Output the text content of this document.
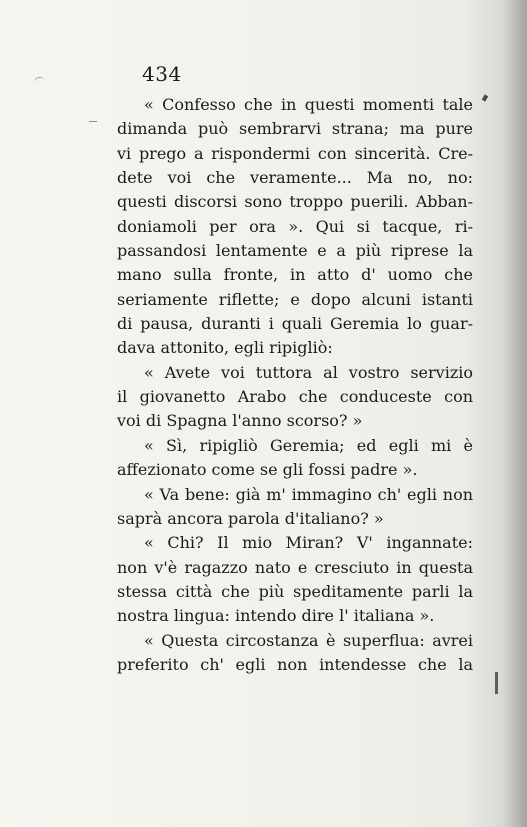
434
« Confesso che in questi momenti tale
dimanda può sembrarvi strana; ma pure
vi prego a rispondermi con sincerità. Cre-
dete voi che veramente... Ma no, no:
questi discorsi sono troppo puerili. Abban-
doniamoli per ora ». Qui si tacque, ri-
passandosi lentamente e a più riprese la
mano sulla fronte, in atto d' uomo che
seriamente riflette; e dopo alcuni istanti
di pausa, duranti i quali Geremia lo guar-
dava attonito, egli ripigliò:
« Avete voi tuttora al vostro servizio
il giovanetto Arabo che conduceste con
voi di Spagna l'anno scorso? »
« Sì, ripigliò Geremia; ed egli mi è
affezionato come se gli fossi padre ».
« Va bene: già m' immagino ch' egli non
saprà ancora parola d'italiano? »
« Chi? Il mio Miran? V' ingannate:
non v'è ragazzo nato e cresciuto in questa
stessa città che più speditamente parli la
nostra lingua: intendo dire l' italiana ».
« Questa circostanza è superflua: avrei
preferito ch' egli non intendesse che la
